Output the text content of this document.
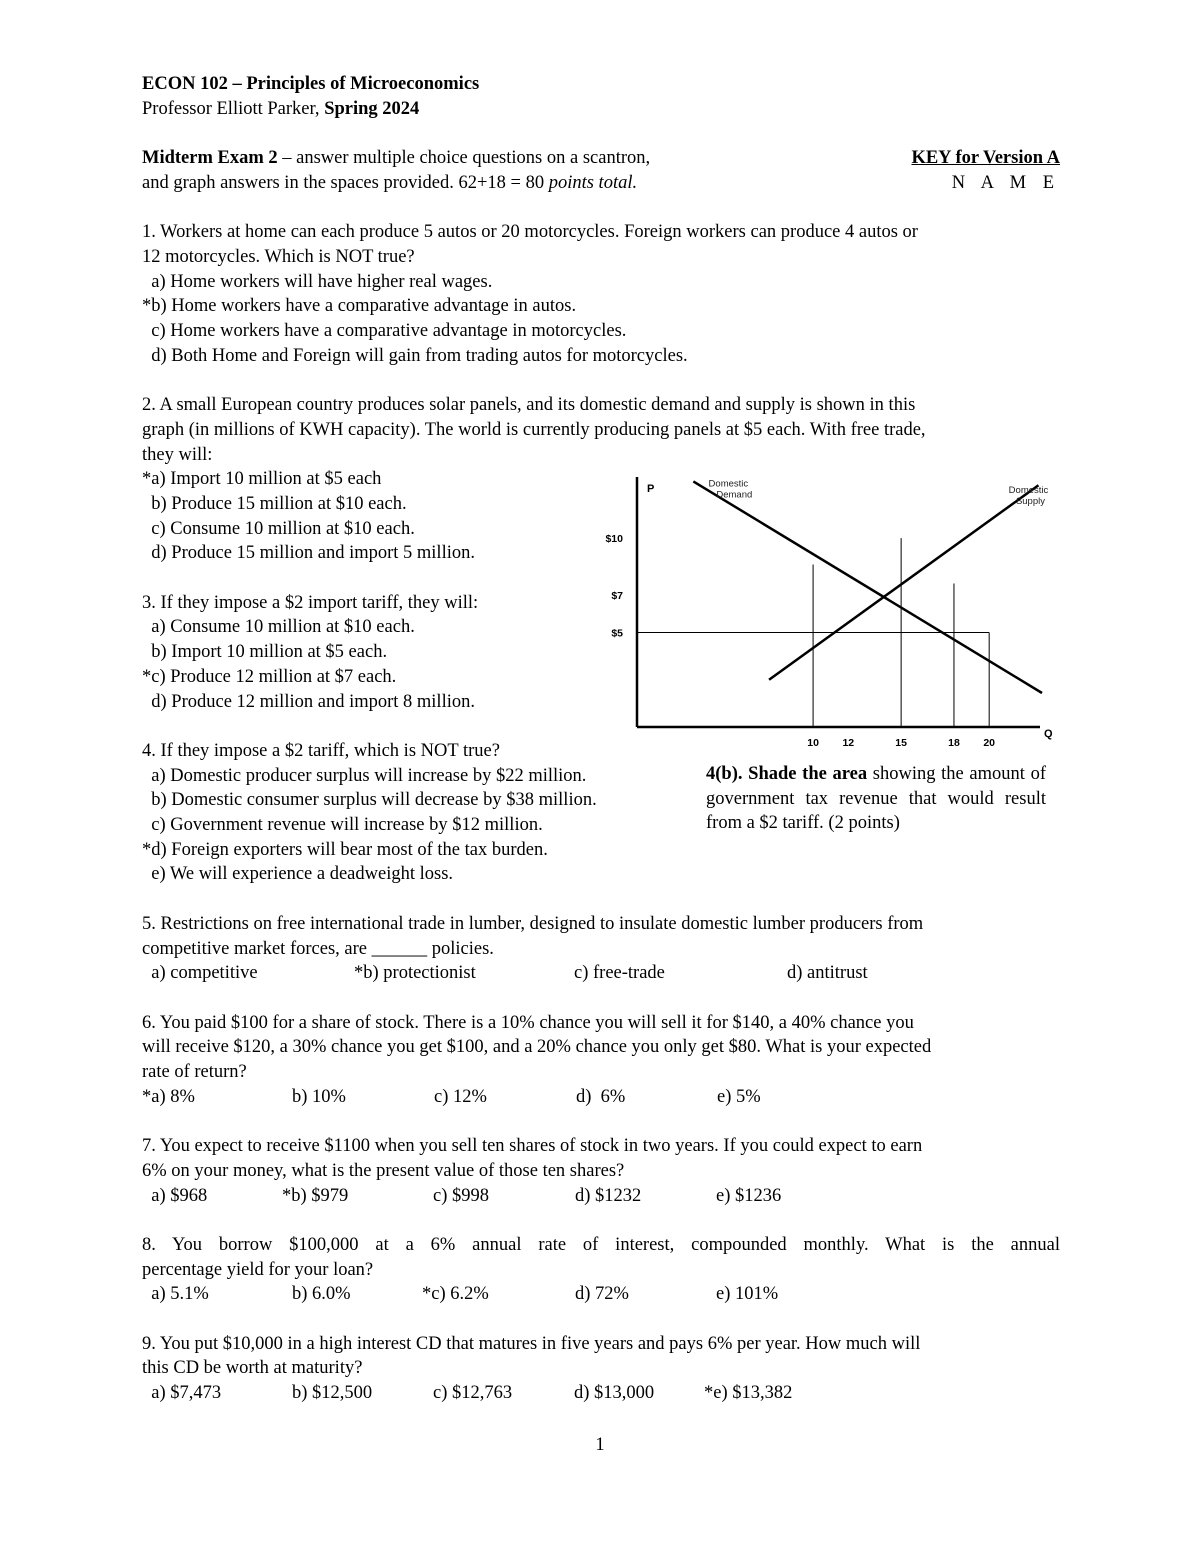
ECON 102 – Principles of Microeconomics
Professor Elliott Parker, Spring 2024
Midterm Exam 2 – answer multiple choice questions on a scantron,	KEY for Version A
and graph answers in the spaces provided. 62+18 = 80 points total.	N A M E
1. Workers at home can each produce 5 autos or 20 motorcycles. Foreign workers can produce 4 autos or
12 motorcycles. Which is NOT true?
a) Home workers will have higher real wages.
*b) Home workers have a comparative advantage in autos.
c) Home workers have a comparative advantage in motorcycles.
d) Both Home and Foreign will gain from trading autos for motorcycles.
2. A small European country produces solar panels, and its domestic demand and supply is shown in this
graph (in millions of KWH capacity). The world is currently producing panels at $5 each. With free trade,
they will:
*a) Import 10 million at $5 each
b) Produce 15 million at $10 each.
c) Consume 10 million at $10 each.
d) Produce 15 million and import 5 million.
3. If they impose a $2 import tariff, they will:
a) Consume 10 million at $10 each.
b) Import 10 million at $5 each.
*c) Produce 12 million at $7 each.
d) Produce 12 million and import 8 million.
4. If they impose a $2 tariff, which is NOT true?
a) Domestic producer surplus will increase by $22 million.
b) Domestic consumer surplus will decrease by $38 million.
c) Government revenue will increase by $12 million.
*d) Foreign exporters will bear most of the tax burden.
e) We will experience a deadweight loss.
5. Restrictions on free international trade in lumber, designed to insulate domestic lumber producers from
competitive market forces, are ______ policies.
a) competitive	*b) protectionist	c) free-trade	d) antitrust
6. You paid $100 for a share of stock. There is a 10% chance you will sell it for $140, a 40% chance you
will receive $120, a 30% chance you get $100, and a 20% chance you only get $80. What is your expected
rate of return?
*a) 8%	b) 10%	c) 12%	d)  6%	e) 5%
7. You expect to receive $1100 when you sell ten shares of stock in two years. If you could expect to earn
6% on your money, what is the present value of those ten shares?
a) $968	*b) $979	c) $998	d) $1232	e) $1236
8. You borrow $100,000 at a 6% annual rate of interest, compounded monthly. What is the annual
percentage yield for your loan?
a) 5.1%	b) 6.0%	*c) 6.2%	d) 72%	e) 101%
9. You put $10,000 in a high interest CD that matures in five years and pays 6% per year. How much will
this CD be worth at maturity?
a) $7,473	b) $12,500	c) $12,763	d) $13,000	*e) $13,382
4(b). Shade the area showing the amount of government tax revenue that would result from a $2 tariff. (2 points)
P
Q
$10
$7
$5
10 12	15	18 20
Domestic
Demand	Domestic
Supply
1
